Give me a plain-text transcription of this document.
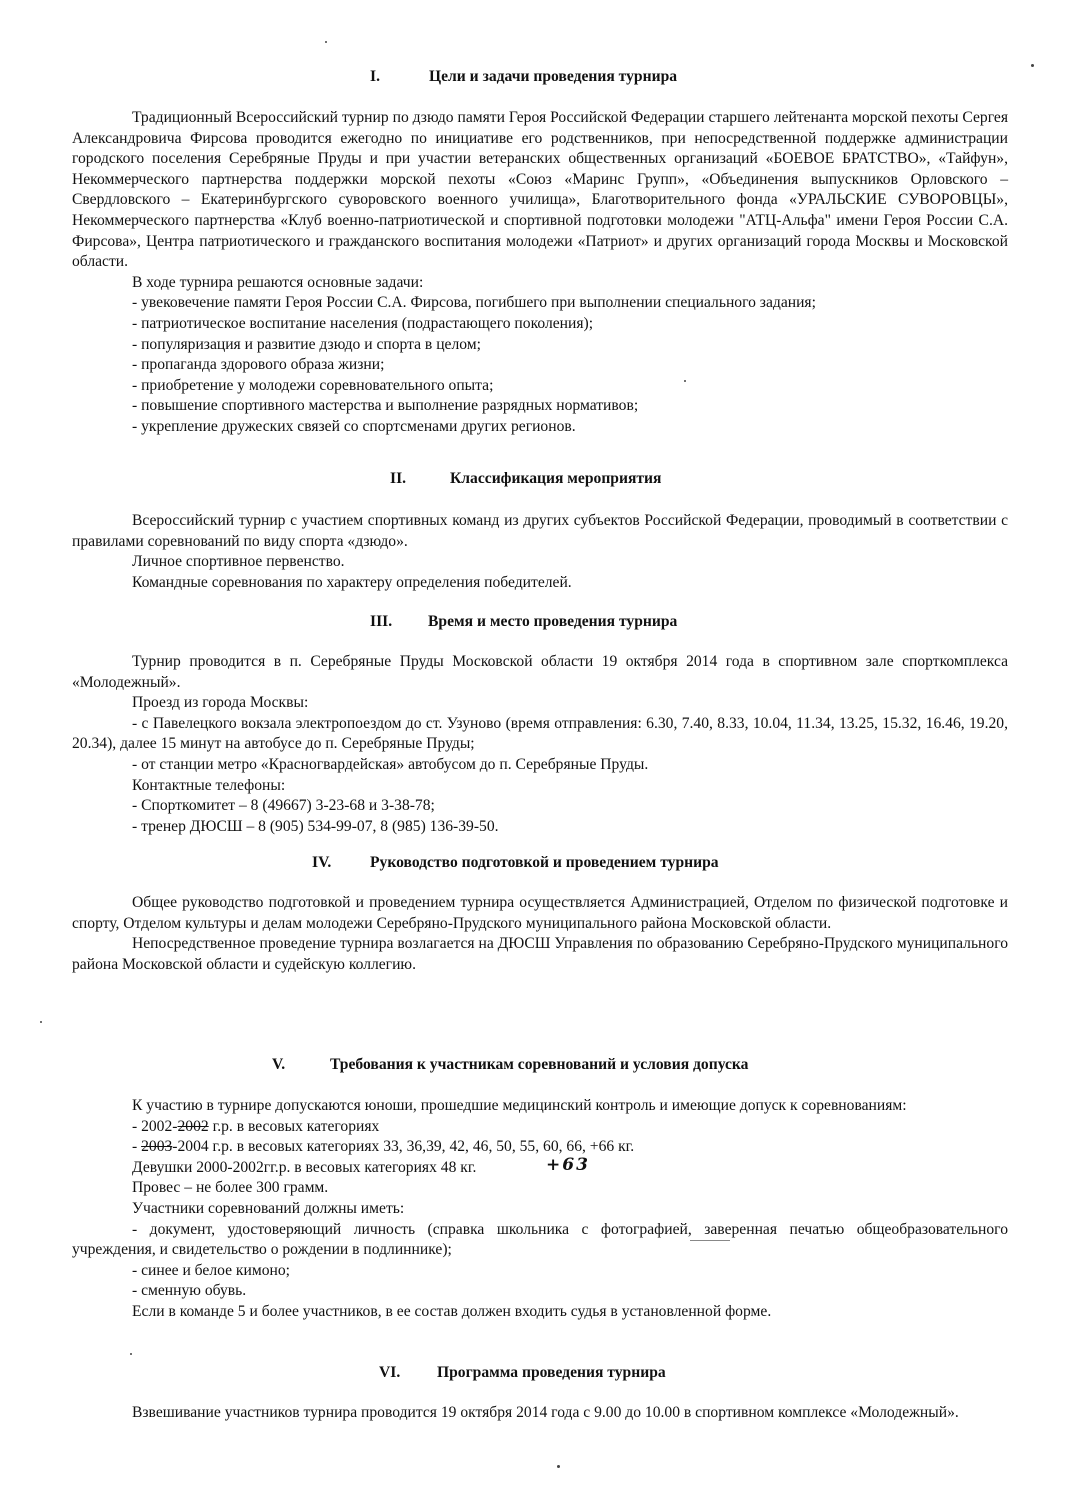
I.	Цели и задачи проведения турнира

Традиционный Всероссийский турнир по дзюдо памяти Героя Российской Федерации старшего лейтенанта морской пехоты Сергея Александровича Фирсова проводится ежегодно по инициативе его родственников, при непосредственной поддержке администрации городского поселения Серебряные Пруды и при участии ветеранских общественных организаций «БОЕВОЕ БРАТСТВО», «Тайфун», Некоммерческого партнерства поддержки морской пехоты «Союз «Маринс Групп», «Объединения выпускников Орловского – Свердловского – Екатеринбургского суворовского военного училища», Благотворительного фонда «УРАЛЬСКИЕ СУВОРОВЦЫ», Некоммерческого партнерства «Клуб военно-патриотической и спортивной подготовки молодежи "АТЦ-Альфа" имени Героя России С.А. Фирсова», Центра патриотического и гражданского воспитания молодежи «Патриот» и других организаций города Москвы и Московской области.

В ходе турнира решаются основные задачи:

- увековечение памяти Героя России С.А. Фирсова, погибшего при выполнении специального задания;

- патриотическое воспитание населения (подрастающего поколения);

- популяризация и развитие дзюдо и спорта в целом;

- пропаганда здорового образа жизни;

- приобретение у молодежи соревновательного опыта;

- повышение спортивного мастерства и выполнение разрядных нормативов;

- укрепление дружеских связей со спортсменами других регионов.

II.	Классификация мероприятия

Всероссийский турнир с участием спортивных команд из других субъектов Российской Федерации, проводимый в соответствии с правилами соревнований по виду спорта «дзюдо».

Личное спортивное первенство.

Командные соревнования по характеру определения победителей.

III. Время и место проведения турнира

Турнир проводится в п. Серебряные Пруды Московской области 19 октября 2014 года в спортивном зале спорткомплекса «Молодежный».

Проезд из города Москвы:

- с Павелецкого вокзала электропоездом до ст. Узуново (время отправления: 6.30, 7.40, 8.33, 10.04, 11.34, 13.25, 15.32, 16.46, 19.20, 20.34), далее 15 минут на автобусе до п. Серебряные Пруды;

- от станции метро «Красногвардейская» автобусом до п. Серебряные Пруды.

Контактные телефоны:

- Спорткомитет – 8 (49667) 3-23-68 и 3-38-78;

- тренер ДЮСШ – 8 (905) 534-99-07, 8 (985) 136-39-50.

IV. Руководство подготовкой и проведением турнира

Общее руководство подготовкой и проведением турнира осуществляется Администрацией, Отделом по физической подготовке и спорту, Отделом культуры и делам молодежи Серебряно-Прудского муниципального района Московской области.

Непосредственное проведение турнира возлагается на ДЮСШ Управления по образованию Серебряно-Прудского муниципального района Московской области и судейскую коллегию.

V.	Требования к участникам соревнований и условия допуска

К участию в турнире допускаются юноши, прошедшие медицинский контроль и имеющие допуск к соревнованиям:

- 2002-2002 г.р. в весовых категориях

- 2003-2004 г.р. в весовых категориях 33, 36,39, 42, 46, 50, 55, 60, 66, +66 кг.

Девушки 2000-2002гг.р. в весовых категориях 48 кг.	+63

Провес – не более 300 грамм.

Участники соревнований должны иметь:

- документ, удостоверяющий личность (справка школьника с фотографией, заверенная печатью общеобразовательного учреждения, и свидетельство о рождении в подлиннике);

- синее и белое кимоно;

- сменную обувь.

Если в команде 5 и более участников, в ее состав должен входить судья в установленной форме.

VI. Программа проведения турнира

Взвешивание участников турнира проводится 19 октября 2014 года с 9.00 до 10.00 в спортивном комплексе «Молодежный».
